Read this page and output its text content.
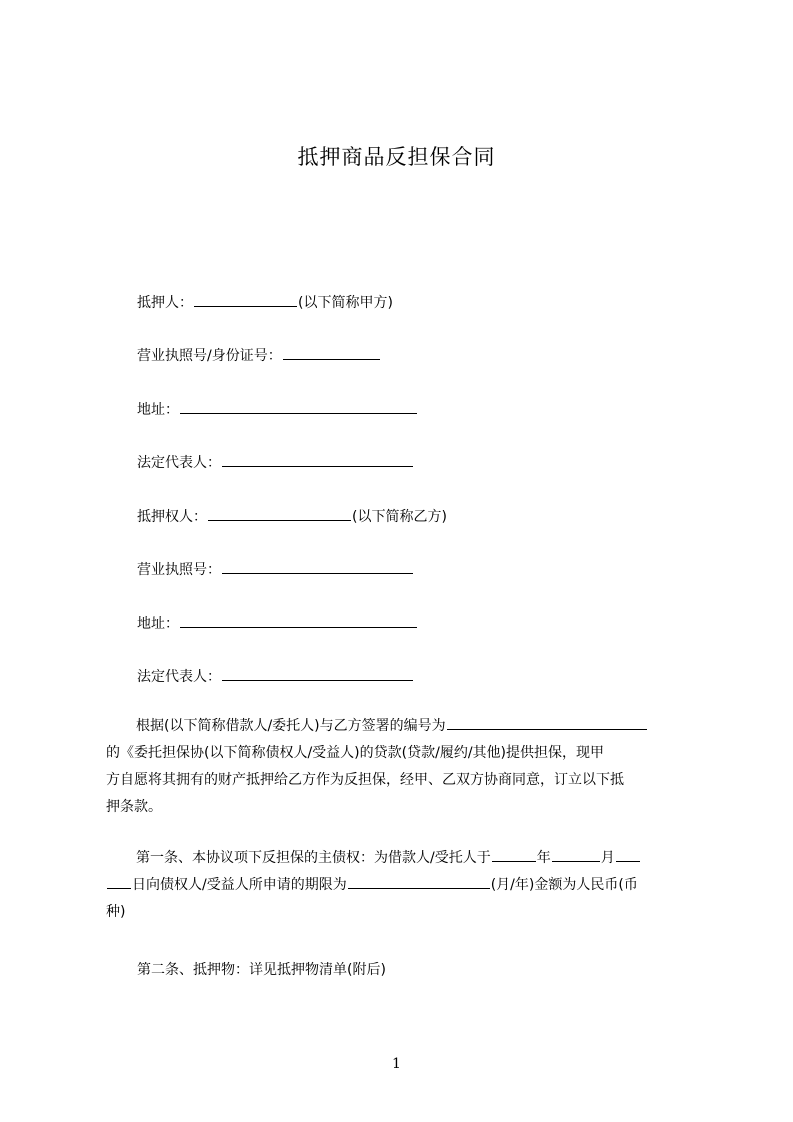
抵押商品反担保合同
抵押人：	(以下简称甲方)
营业执照号/身份证号：
地址：
法定代表人：
抵押权人：	(以下简称乙方)
营业执照号：
地址：
法定代表人：

根据(以下简称借款人/委托人)与乙方签署的编号为

的《委托担保协(以下简称债权人/受益人)的贷款(贷款/履约/其他)提供担保，现甲

方自愿将其拥有的财产抵押给乙方作为反担保，经甲、乙双方协商同意，订立以下抵

押条款。

第一条、本协议项下反担保的主债权：为借款人/受托人于	年	月

日向债权人/受益人所申请的期限为	(月/年)金额为人民币(币

种)

第二条、抵押物：详见抵押物清单(附后)
1
